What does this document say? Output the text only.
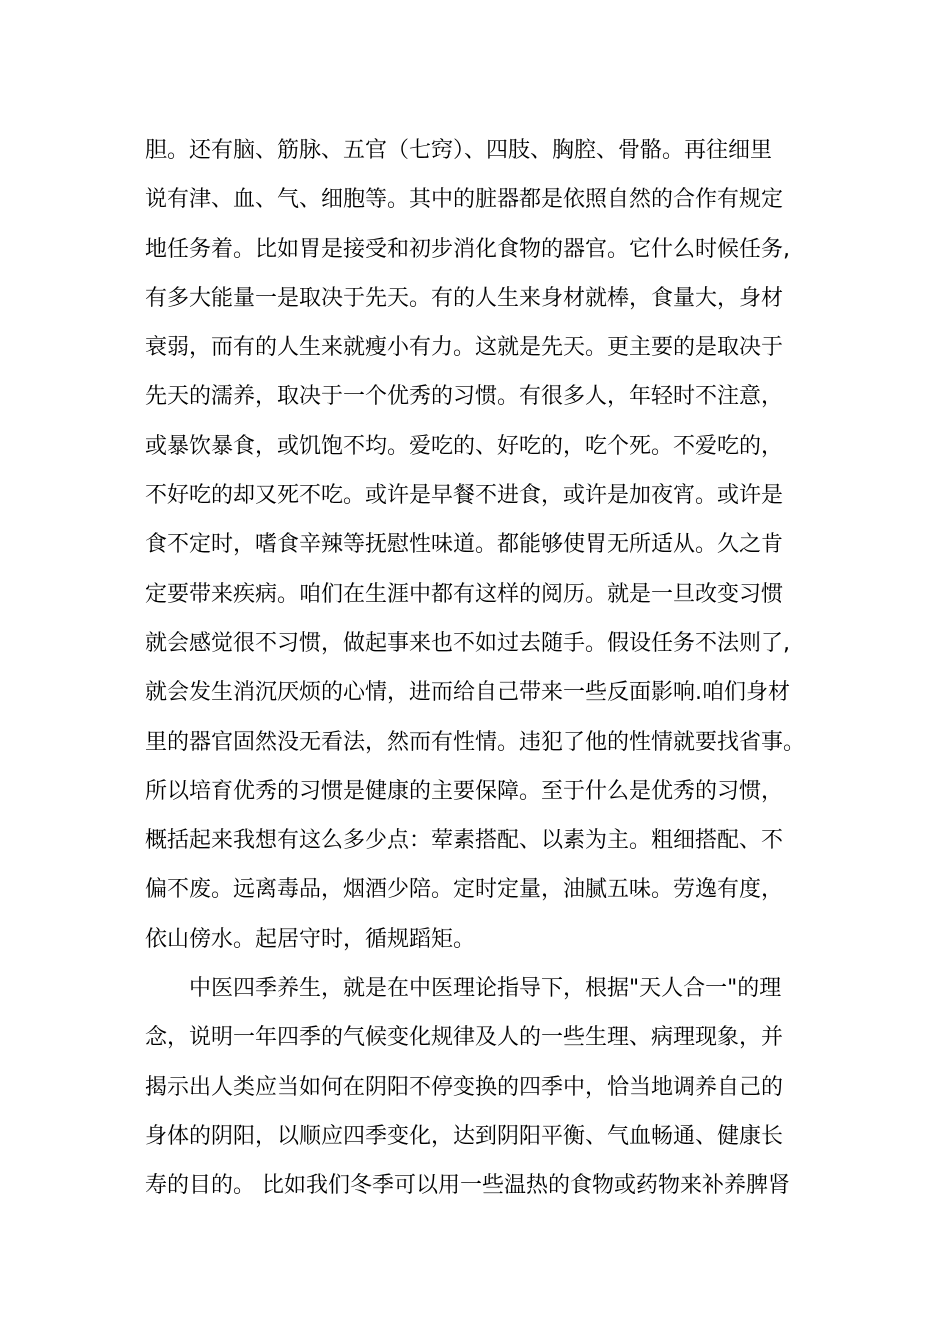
胆。还有脑、筋脉、五官（七窍）、四肢、胸腔、骨骼。再往细里
说有津、血、气、细胞等。其中的脏器都是依照自然的合作有规定
地任务着。比如胃是接受和初步消化食物的器官。它什么时候任务,
有多大能量一是取决于先天。有的人生来身材就棒，食量大，身材
衰弱，而有的人生来就瘦小有力。这就是先天。更主要的是取决于
先天的濡养，取决于一个优秀的习惯。有很多人，年轻时不注意，
或暴饮暴食，或饥饱不均。爱吃的、好吃的，吃个死。不爱吃的，
不好吃的却又死不吃。或许是早餐不进食，或许是加夜宵。或许是
食不定时，嗜食辛辣等抚慰性味道。都能够使胃无所适从。久之肯
定要带来疾病。咱们在生涯中都有这样的阅历。就是一旦改变习惯
就会感觉很不习惯，做起事来也不如过去随手。假设任务不法则了,
就会发生消沉厌烦的心情，进而给自己带来一些反面影响.咱们身材
里的器官固然没无看法，然而有性情。违犯了他的性情就要找省事。
所以培育优秀的习惯是健康的主要保障。至于什么是优秀的习惯，
概括起来我想有这么多少点：荤素搭配、以素为主。粗细搭配、不
偏不废。远离毒品，烟酒少陪。定时定量，油腻五味。劳逸有度，
依山傍水。起居守时，循规蹈矩。
中医四季养生，就是在中医理论指导下，根据"天人合一"的理
念，说明一年四季的气候变化规律及人的一些生理、病理现象，并
揭示出人类应当如何在阴阳不停变换的四季中，恰当地调养自己的
身体的阴阳，以顺应四季变化，达到阴阳平衡、气血畅通、健康长
寿的目的。 比如我们冬季可以用一些温热的食物或药物来补养脾肾
